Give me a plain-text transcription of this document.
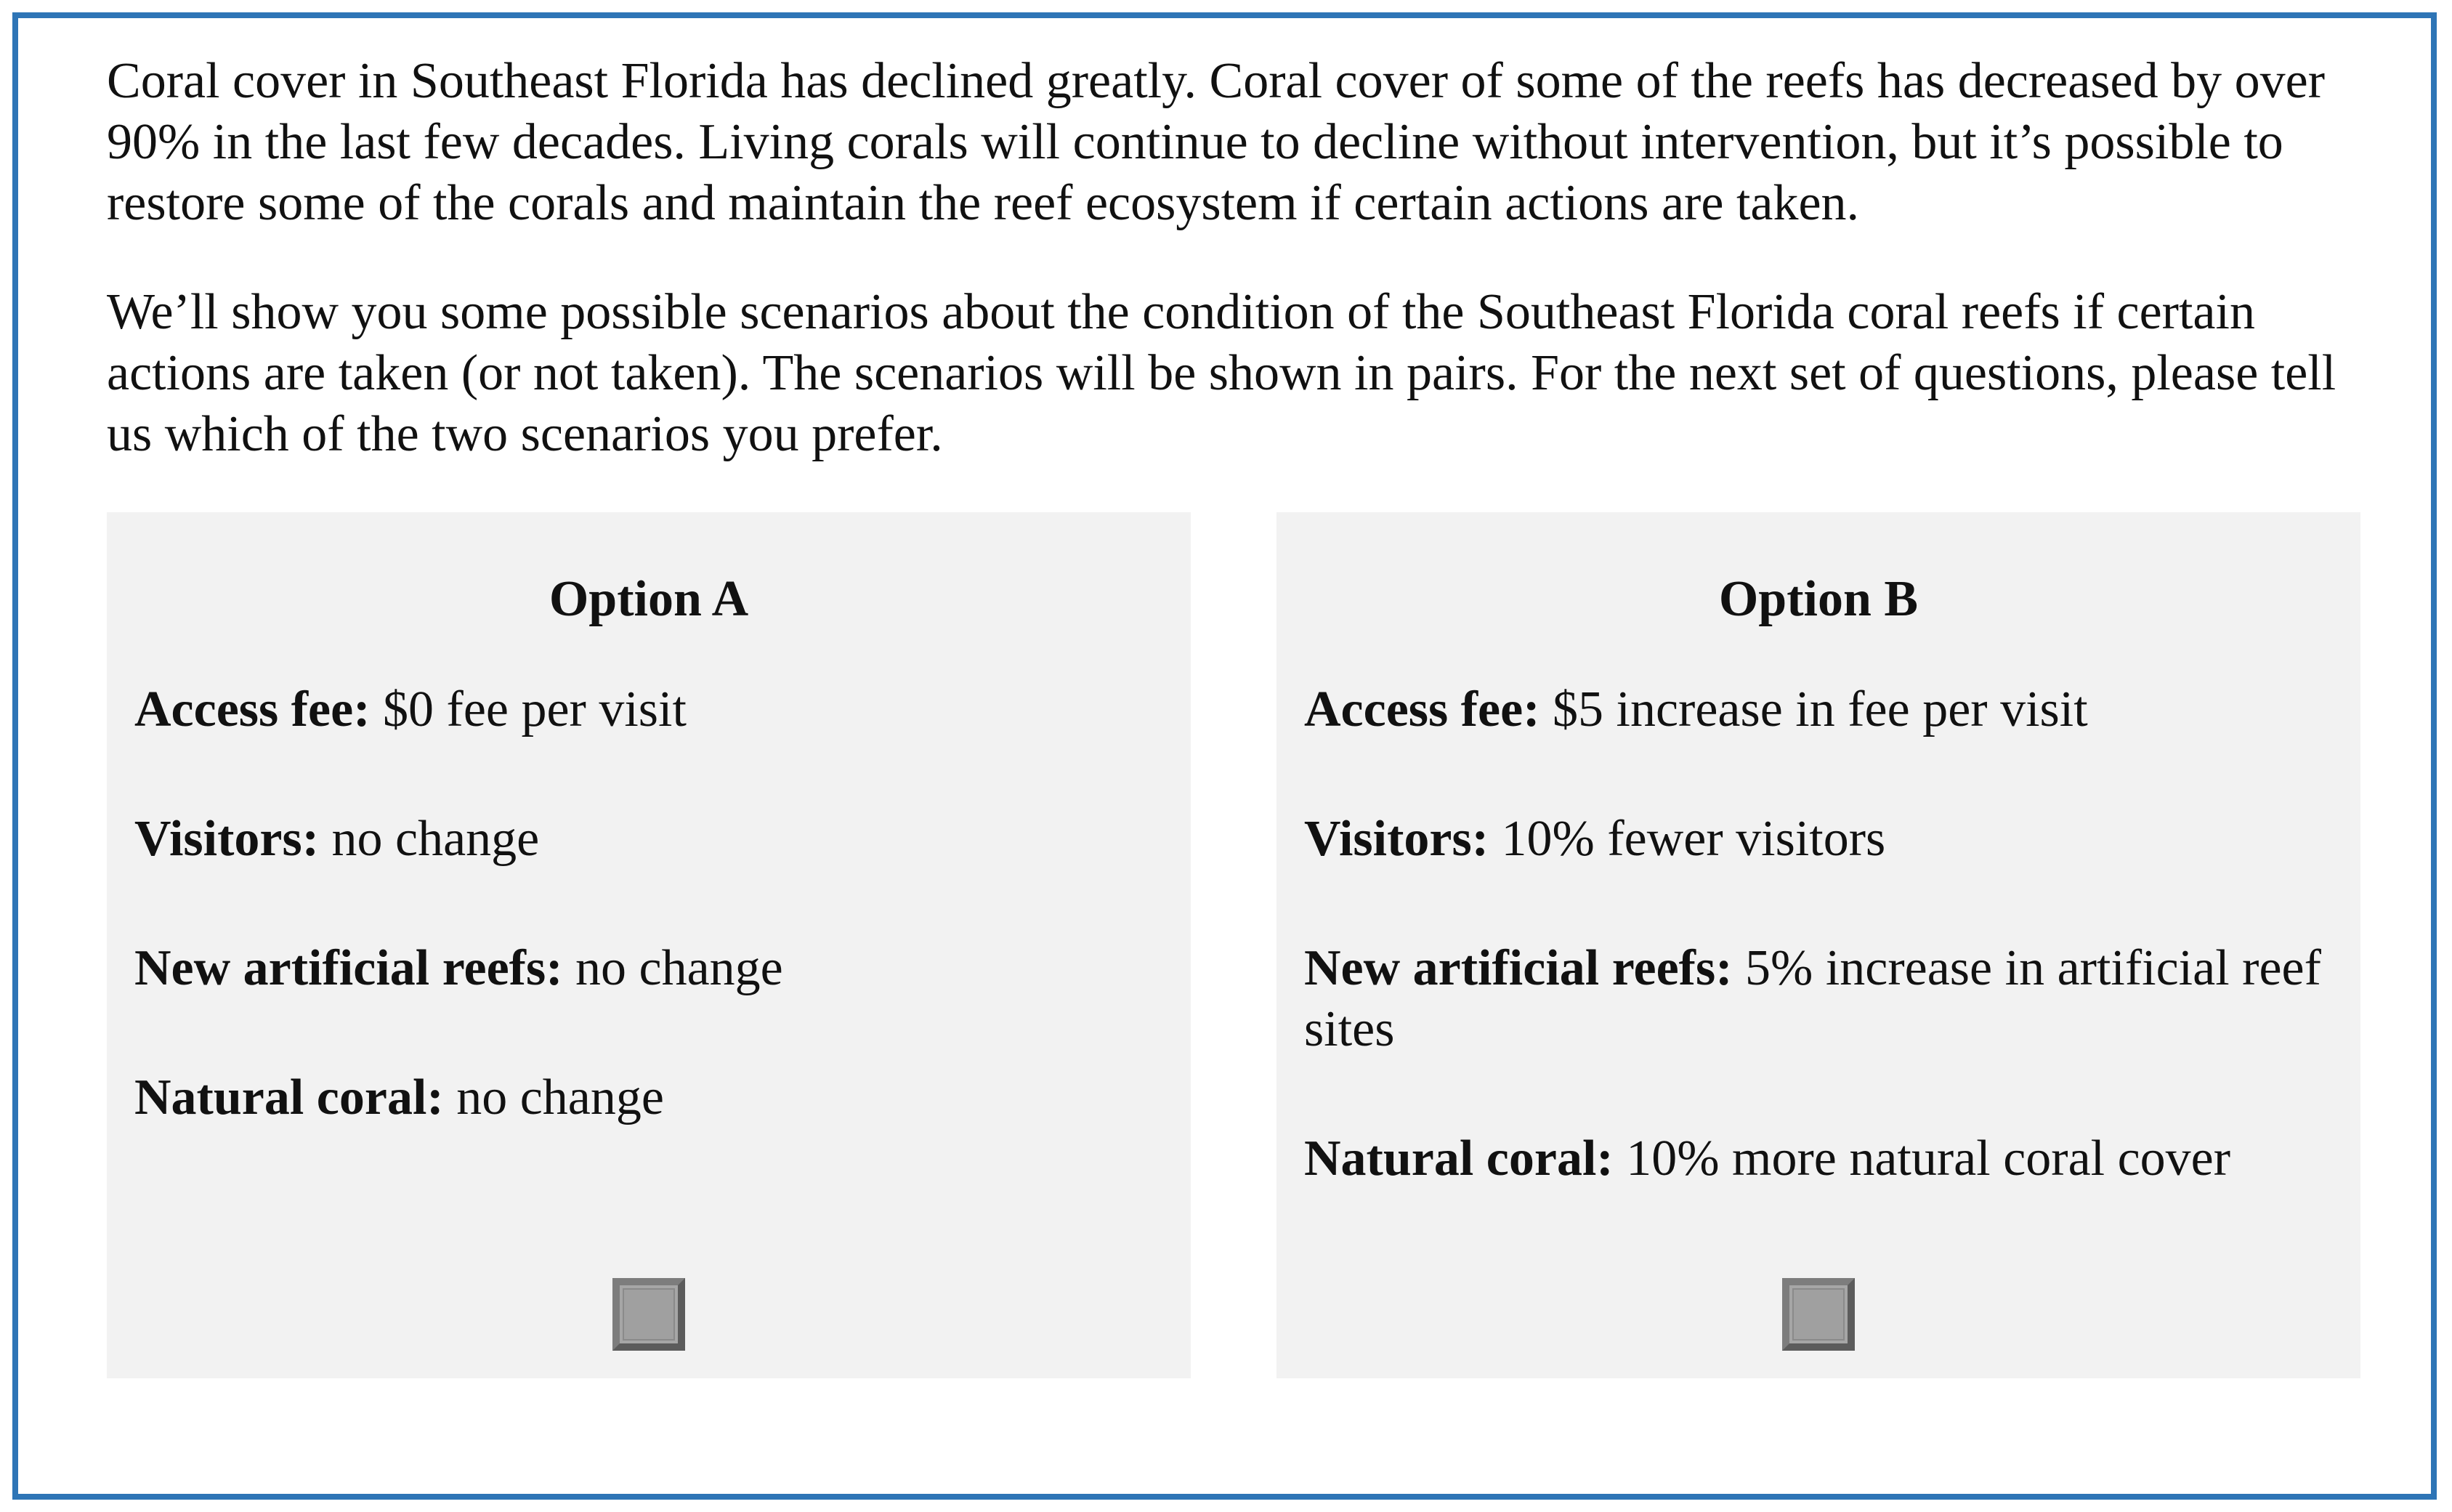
Coral cover in Southeast Florida has declined greatly. Coral cover of some of the reefs has decreased by over 90% in the last few decades. Living corals will continue to decline without intervention, but it’s possible to restore some of the corals and maintain the reef ecosystem if certain actions are taken.

We’ll show you some possible scenarios about the condition of the Southeast Florida coral reefs if certain actions are taken (or not taken). The scenarios will be shown in pairs. For the next set of questions, please tell us which of the two scenarios you prefer.

Option A

Access fee: $0 fee per visit

Visitors: no change

New artificial reefs: no change

Natural coral: no change

Option B

Access fee: $5 increase in fee per visit

Visitors: 10% fewer visitors

New artificial reefs: 5% increase in artificial reef sites

Natural coral: 10% more natural coral cover
